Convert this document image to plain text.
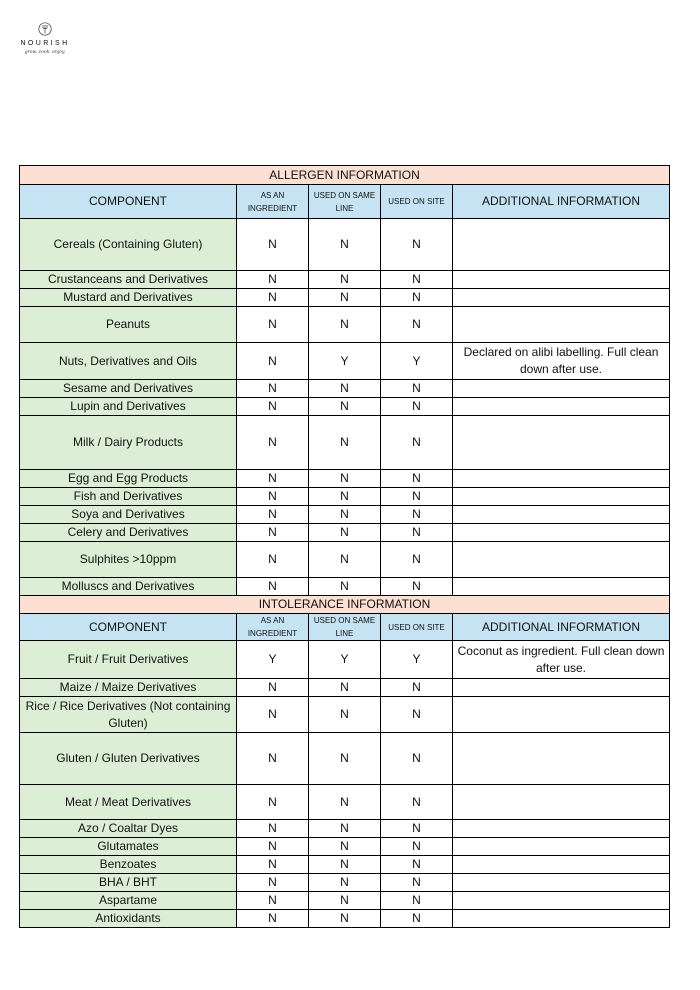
NOURISH
grow. cook. enjoy.
ALLERGEN INFORMATION				
COMPONENT	AS AN INGREDIENT	USED ON SAME LINE	USED ON SITE	ADDITIONAL INFORMATION
Cereals (Containing Gluten)	N	N	N	
Crustanceans and Derivatives	N	N	N	
Mustard and Derivatives	N	N	N	
Peanuts	N	N	N	
Nuts, Derivatives and Oils	N	Y	Y	Declared on alibi labelling. Full clean down after use.
Sesame and Derivatives	N	N	N	
Lupin and Derivatives	N	N	N	
Milk / Dairy Products	N	N	N	
Egg and Egg Products	N	N	N	
Fish and Derivatives	N	N	N	
Soya and Derivatives	N	N	N	
Celery and Derivatives	N	N	N	
Sulphites >10ppm	N	N	N	
Molluscs and Derivatives	N	N	N	
INTOLERANCE INFORMATION				
COMPONENT	AS AN INGREDIENT	USED ON SAME LINE	USED ON SITE	ADDITIONAL INFORMATION
Fruit / Fruit Derivatives	Y	Y	Y	Coconut as ingredient. Full clean down after use.
Maize / Maize Derivatives	N	N	N	
Rice / Rice Derivatives (Not containing Gluten)	N	N	N	
Gluten / Gluten Derivatives	N	N	N	
Meat / Meat Derivatives	N	N	N	
Azo / Coaltar Dyes	N	N	N	
Glutamates	N	N	N	
Benzoates	N	N	N	
BHA / BHT	N	N	N	
Aspartame	N	N	N	
Antioxidants	N	N	N	
